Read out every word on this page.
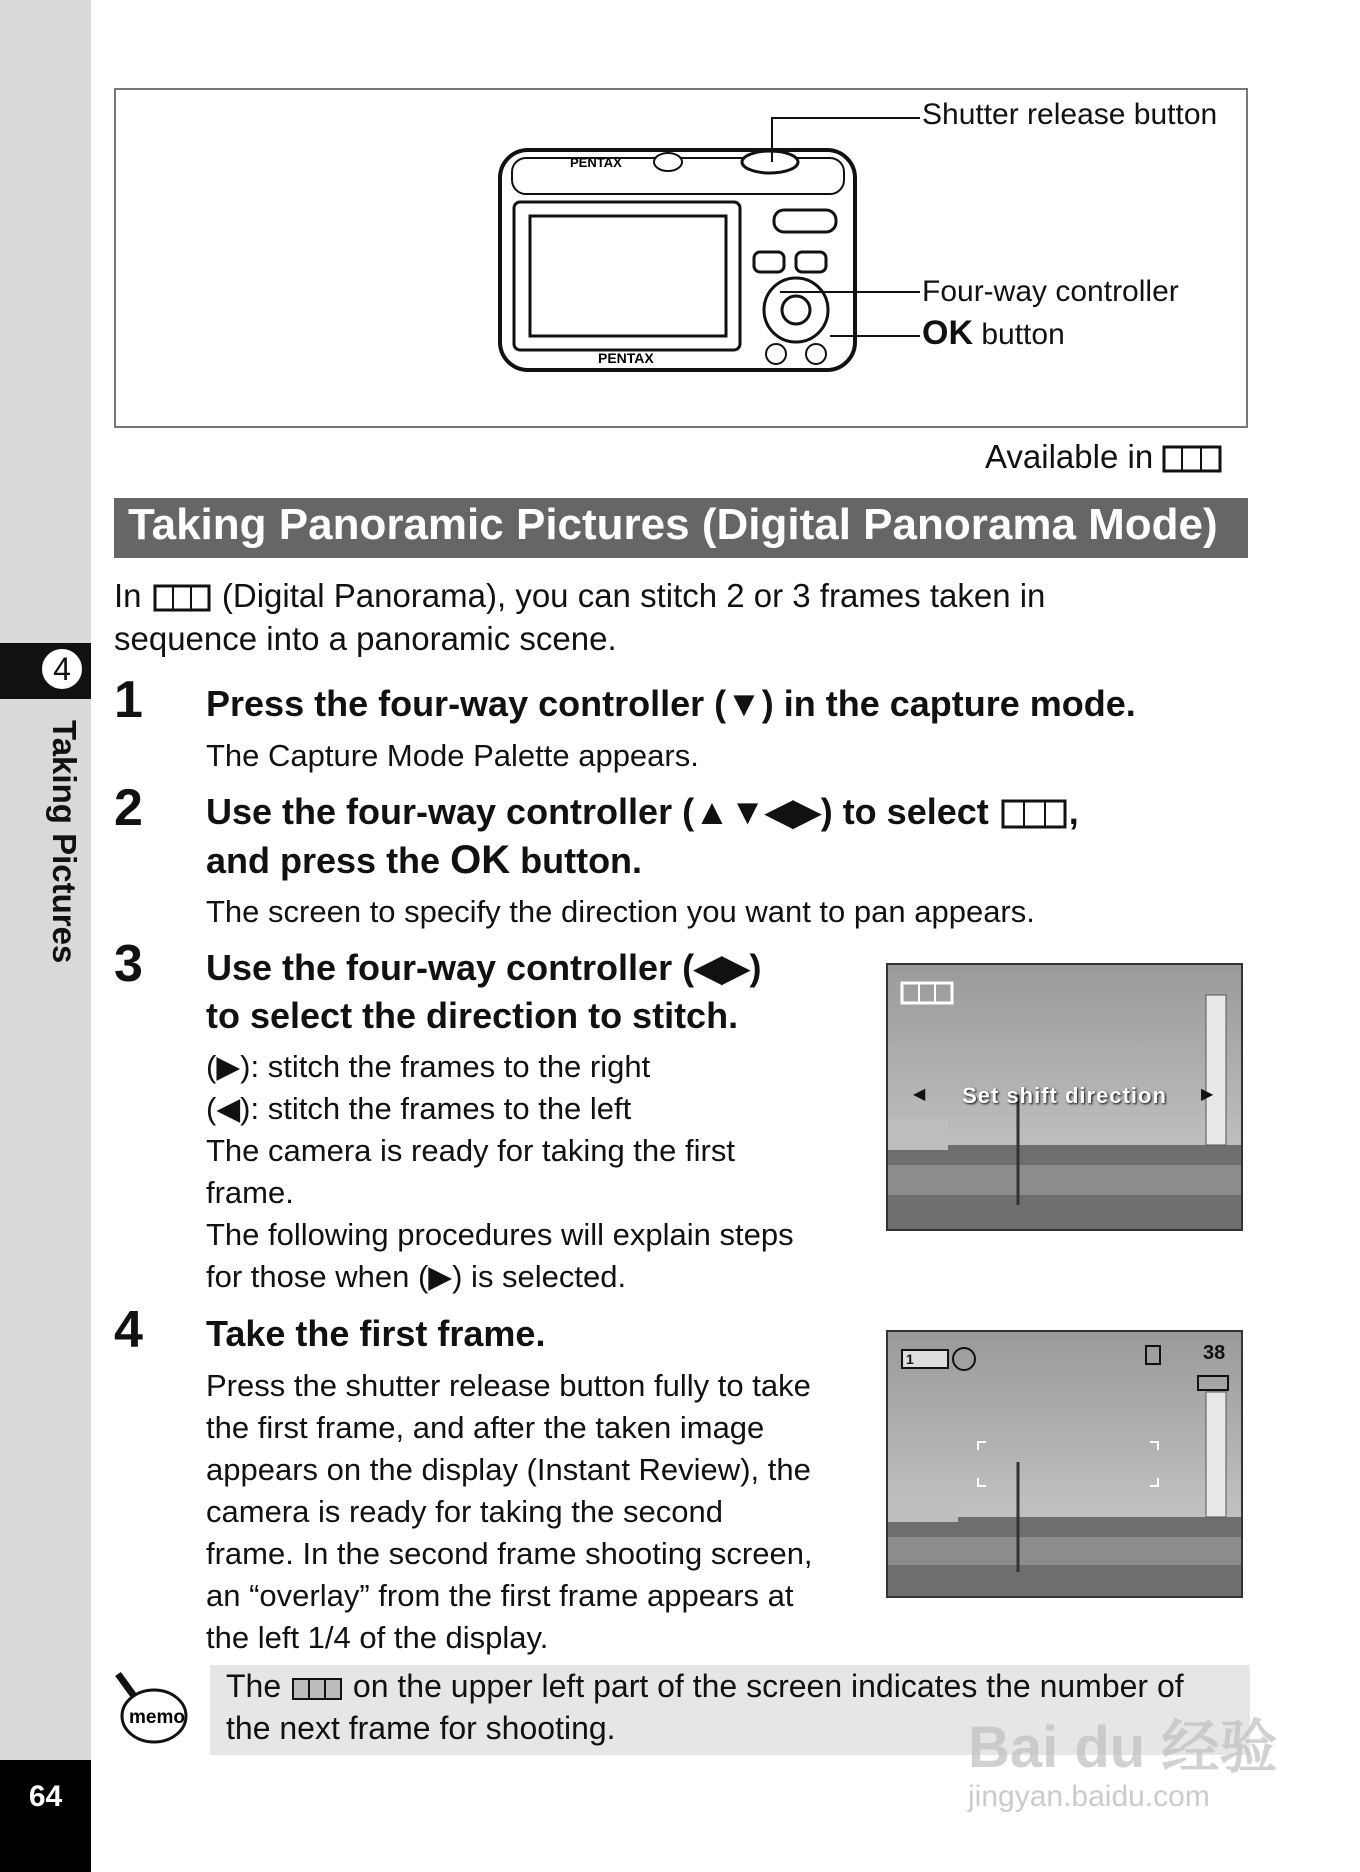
4
Taking Pictures
64
PENTAX
PENTAX
Shutter release button
Four-way controller
OK button
Available in
Taking Panoramic Pictures (Digital Panorama Mode)
In (Digital Panorama), you can stitch 2 or 3 frames taken in
sequence into a panoramic scene.
1 Press the four-way controller (▼) in the capture mode.
The Capture Mode Palette appears.
2 Use the four-way controller (▲▼◀▶) to select ,
and press the OK button.
The screen to specify the direction you want to pan appears.
3 Use the four-way controller (◀▶)
to select the direction to stitch.
(▶): stitch the frames to the right
(◀): stitch the frames to the left
The camera is ready for taking the first
frame.
The following procedures will explain steps
for those when (▶) is selected.
◀	▶
Set shift direction
4 Take the first frame.
Press the shutter release button fully to take
the first frame, and after the taken image
appears on the display (Instant Review), the
camera is ready for taking the second
frame. In the second frame shooting screen,
an “overlay” from the first frame appears at
the left 1/4 of the display.
1	38
memo
The on the upper left part of the screen indicates the number of
the next frame for shooting.	Bai du 经验
jingyan.baidu.com
